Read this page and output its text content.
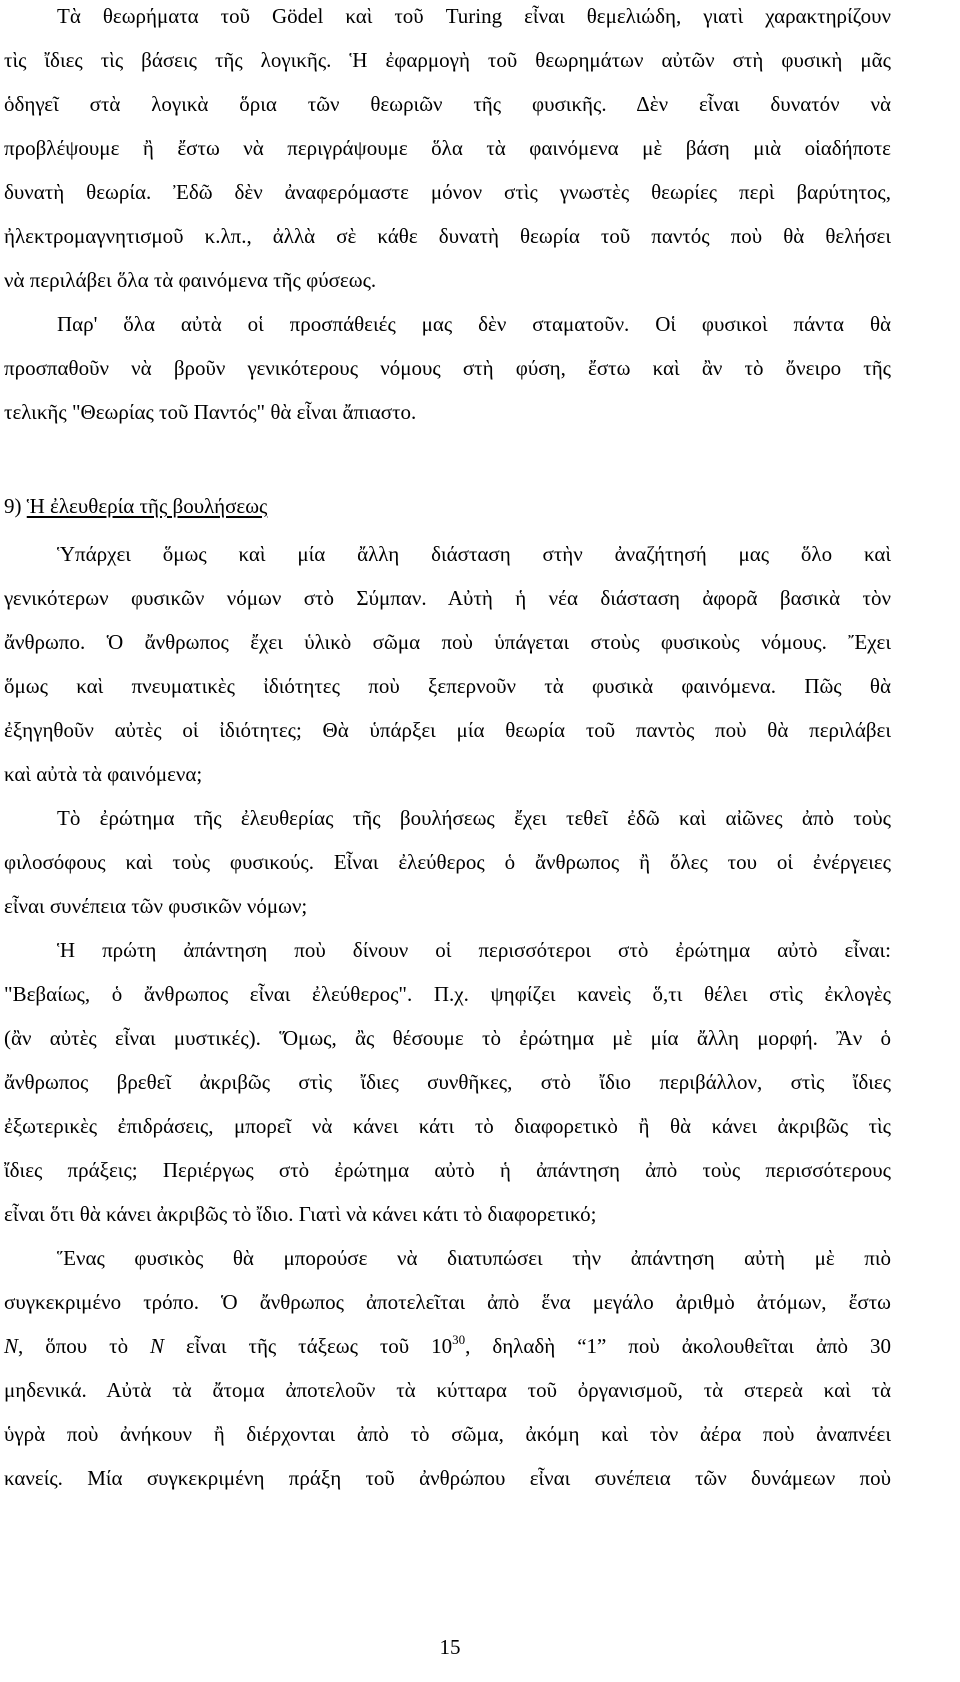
Τὰ θεωρήματα τοῦ Gödel καὶ τοῦ Turing εἶναι θεμελιώδη, γιατὶ χαρακτηρίζουν
τὶς ἴδιες τὶς βάσεις τῆς λογικῆς. Ἡ ἐφαρμογὴ τοῦ θεωρημάτων αὐτῶν στὴ φυσικὴ μᾶς
ὁδηγεῖ στὰ λογικὰ ὅρια τῶν θεωριῶν τῆς φυσικῆς. Δὲν εἶναι δυνατόν νὰ
προβλέψουμε ἢ ἔστω νὰ περιγράψουμε ὅλα τὰ φαινόμενα μὲ βάση μιὰ οἱαδήποτε
δυνατὴ θεωρία. Ἐδῶ δὲν ἀναφερόμαστε μόνον στὶς γνωστὲς θεωρίες περὶ βαρύτητος,
ἠλεκτρομαγνητισμοῦ κ.λπ., ἀλλὰ σὲ κάθε δυνατὴ θεωρία τοῦ παντός ποὺ θὰ θελήσει
νὰ περιλάβει ὅλα τὰ φαινόμενα τῆς φύσεως.
Παρ' ὅλα αὐτὰ οἱ προσπάθειές μας δὲν σταματοῦν. Οἱ φυσικοὶ πάντα θὰ
προσπαθοῦν νὰ βροῦν γενικότερους νόμους στὴ φύση, ἔστω καὶ ἂν τὸ ὄνειρο τῆς
τελικῆς "Θεωρίας τοῦ Παντός" θὰ εἶναι ἄπιαστο.
9) Ἡ ἐλευθερία τῆς βουλήσεως
Ὑπάρχει ὅμως καὶ μία ἄλλη διάσταση στὴν ἀναζήτησή μας ὅλο καὶ
γενικότερων φυσικῶν νόμων στὸ Σύμπαν. Αὐτὴ ἡ νέα διάσταση ἀφορᾶ βασικὰ τὸν
ἄνθρωπο. Ὁ ἄνθρωπος ἔχει ὑλικὸ σῶμα ποὺ ὑπάγεται στοὺς φυσικοὺς νόμους. Ἔχει
ὅμως καὶ πνευματικὲς ἰδιότητες ποὺ ξεπερνοῦν τὰ φυσικὰ φαινόμενα. Πῶς θὰ
ἐξηγηθοῦν αὐτὲς οἱ ἰδιότητες; Θὰ ὑπάρξει μία θεωρία τοῦ παντὸς ποὺ θὰ περιλάβει
καὶ αὐτὰ τὰ φαινόμενα;
Τὸ ἐρώτημα τῆς ἐλευθερίας τῆς βουλήσεως ἔχει τεθεῖ ἐδῶ καὶ αἰῶνες ἀπὸ τοὺς
φιλοσόφους καὶ τοὺς φυσικούς. Εἶναι ἐλεύθερος ὁ ἄνθρωπος ἢ ὅλες του οἱ ἐνέργειες
εἶναι συνέπεια τῶν φυσικῶν νόμων;
Ἡ πρώτη ἀπάντηση ποὺ δίνουν οἱ περισσότεροι στὸ ἐρώτημα αὐτὸ εἶναι:
"Βεβαίως, ὁ ἄνθρωπος εἶναι ἐλεύθερος". Π.χ. ψηφίζει κανεὶς ὅ,τι θέλει στὶς ἐκλογὲς
(ἂν αὐτὲς εἶναι μυστικές). Ὅμως, ἂς θέσουμε τὸ ἐρώτημα μὲ μία ἄλλη μορφή. Ἂν ὁ
ἄνθρωπος βρεθεῖ ἀκριβῶς στὶς ἴδιες συνθῆκες, στὸ ἴδιο περιβάλλον, στὶς ἴδιες
ἐξωτερικὲς ἐπιδράσεις, μπορεῖ νὰ κάνει κάτι τὸ διαφορετικὸ ἢ θὰ κάνει ἀκριβῶς τὶς
ἴδιες πράξεις; Περιέργως στὸ ἐρώτημα αὐτὸ ἡ ἀπάντηση ἀπὸ τοὺς περισσότερους
εἶναι ὅτι θὰ κάνει ἀκριβῶς τὸ ἴδιο. Γιατὶ νὰ κάνει κάτι τὸ διαφορετικό;
Ἕνας φυσικὸς θὰ μπορούσε νὰ διατυπώσει τὴν ἀπάντηση αὐτὴ μὲ πιὸ
συγκεκριμένο τρόπο. Ὁ ἄνθρωπος ἀποτελεῖται ἀπὸ ἕνα μεγάλο ἀριθμὸ ἀτόμων, ἔστω
N, ὅπου τὸ N εἶναι τῆς τάξεως τοῦ $10^{30}$, δηλαδὴ “1” ποὺ ἀκολουθεῖται ἀπὸ 30
μηδενικά. Αὐτὰ τὰ ἄτομα ἀποτελοῦν τὰ κύτταρα τοῦ ὀργανισμοῦ, τὰ στερεὰ καὶ τὰ
ὑγρὰ ποὺ ἀνήκουν ἢ διέρχονται ἀπὸ τὸ σῶμα, ἀκόμη καὶ τὸν ἀέρα ποὺ ἀναπνέει
κανείς. Μία συγκεκριμένη πράξη τοῦ ἀνθρώπου εἶναι συνέπεια τῶν δυνάμεων ποὺ
15
